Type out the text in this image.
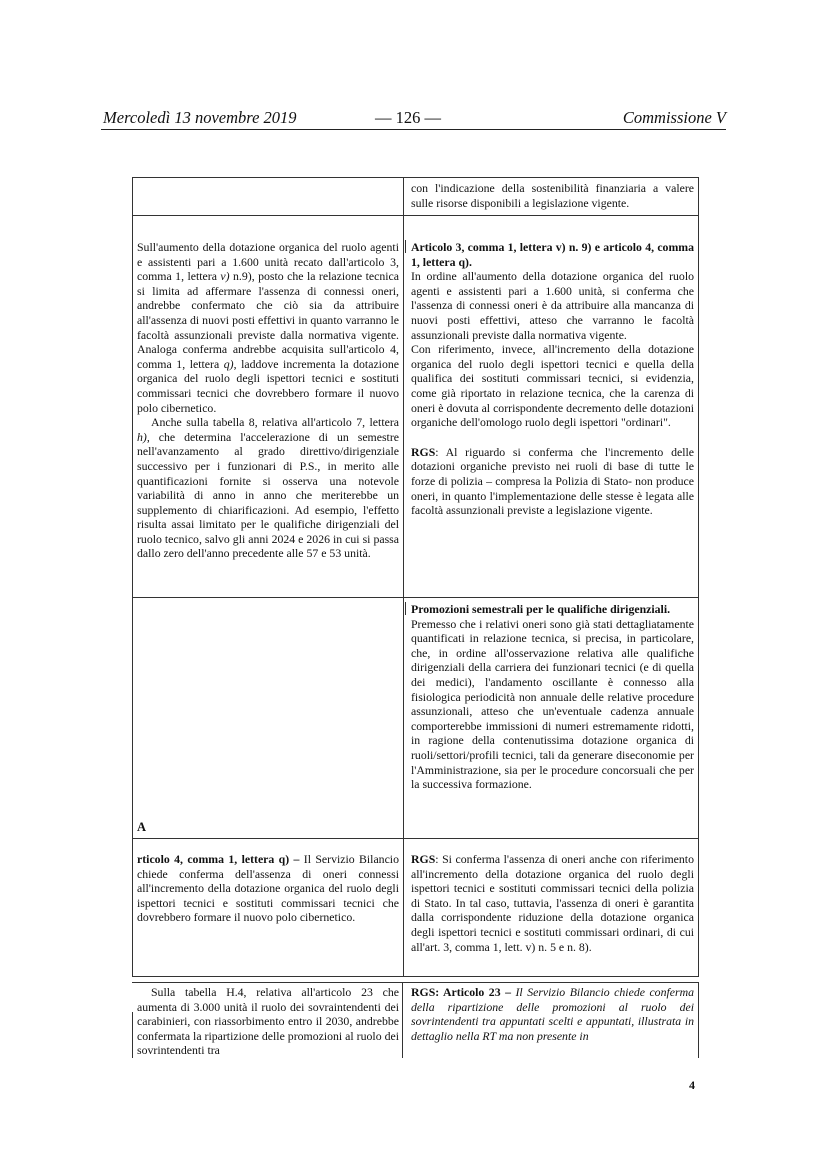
Mercoledì 13 novembre 2019	— 126 —	Commissione V

con l'indicazione della sostenibilità finanziaria a valere sulle risorse disponibili a legislazione vigente.

Sull'aumento della dotazione organica del ruolo agenti e assistenti pari a 1.600 unità recato dall'articolo 3, comma 1, lettera v) n.9), posto che la relazione tecnica si limita ad affermare l'assenza di connessi oneri, andrebbe confermato che ciò sia da attribuire all'assenza di nuovi posti effettivi in quanto varranno le facoltà assunzionali previste dalla normativa vigente. Analoga conferma andrebbe acquisita sull'articolo 4, comma 1, lettera q), laddove incrementa la dotazione organica del ruolo degli ispettori tecnici e sostituti commissari tecnici che dovrebbero formare il nuovo polo cibernetico.

Anche sulla tabella 8, relativa all'articolo 7, lettera h), che determina l'accelerazione di un semestre nell'avanzamento al grado direttivo/dirigenziale successivo per i funzionari di P.S., in merito alle quantificazioni fornite si osserva una notevole variabilità di anno in anno che meriterebbe un supplemento di chiarificazioni. Ad esempio, l'effetto risulta assai limitato per le qualifiche dirigenziali del ruolo tecnico, salvo gli anni 2024 e 2026 in cui si passa dallo zero dell'anno precedente alle 57 e 53 unità.

Articolo 3, comma 1, lettera v) n. 9) e articolo 4, comma 1, lettera q).

In ordine all'aumento della dotazione organica del ruolo agenti e assistenti pari a 1.600 unità, si conferma che l'assenza di connessi oneri è da attribuire alla mancanza di nuovi posti effettivi, atteso che varranno le facoltà assunzionali previste dalla normativa vigente.

Con riferimento, invece, all'incremento della dotazione organica del ruolo degli ispettori tecnici e quella della qualifica dei sostituti commissari tecnici, si evidenzia, come già riportato in relazione tecnica, che la carenza di oneri è dovuta al corrispondente decremento delle dotazioni organiche dell'omologo ruolo degli ispettori "ordinari".

RGS: Al riguardo si conferma che l'incremento delle dotazioni organiche previsto nei ruoli di base di tutte le forze di polizia – compresa la Polizia di Stato- non produce oneri, in quanto l'implementazione delle stesse è legata alle facoltà assunzionali previste a legislazione vigente.

Promozioni semestrali per le qualifiche dirigenziali.

Premesso che i relativi oneri sono già stati dettagliatamente quantificati in relazione tecnica, si precisa, in particolare, che, in ordine all'osservazione relativa alle qualifiche dirigenziali della carriera dei funzionari tecnici (e di quella dei medici), l'andamento oscillante è connesso alla fisiologica periodicità non annuale delle relative procedure assunzionali, atteso che un'eventuale cadenza annuale comporterebbe immissioni di numeri estremamente ridotti, in ragione della contenutissima dotazione organica di ruoli/settori/profili tecnici, tali da generare diseconomie per l'Amministrazione, sia per le procedure concorsuali che per la successiva formazione.

A

rticolo 4, comma 1, lettera q) – Il Servizio Bilancio chiede conferma dell'assenza di oneri connessi all'incremento della dotazione organica del ruolo degli ispettori tecnici e sostituti commissari tecnici che dovrebbero formare il nuovo polo cibernetico.

RGS: Si conferma l'assenza di oneri anche con riferimento all'incremento della dotazione organica del ruolo degli ispettori tecnici e sostituti commissari tecnici della polizia di Stato. In tal caso, tuttavia, l'assenza di oneri è garantita dalla corrispondente riduzione della dotazione organica degli ispettori tecnici e sostituti commissari ordinari, di cui all'art. 3, comma 1, lett. v) n. 5 e n. 8).

Sulla tabella H.4, relativa all'articolo 23 che aumenta di 3.000 unità il ruolo dei sovraintendenti dei carabinieri, con riassorbimento entro il 2030, andrebbe confermata la ripartizione delle promozioni al ruolo dei sovrintendenti tra

RGS: Articolo 23 – Il Servizio Bilancio chiede conferma della ripartizione delle promozioni al ruolo dei sovrintendenti tra appuntati scelti e appuntati, illustrata in dettaglio nella RT ma non presente in

4
